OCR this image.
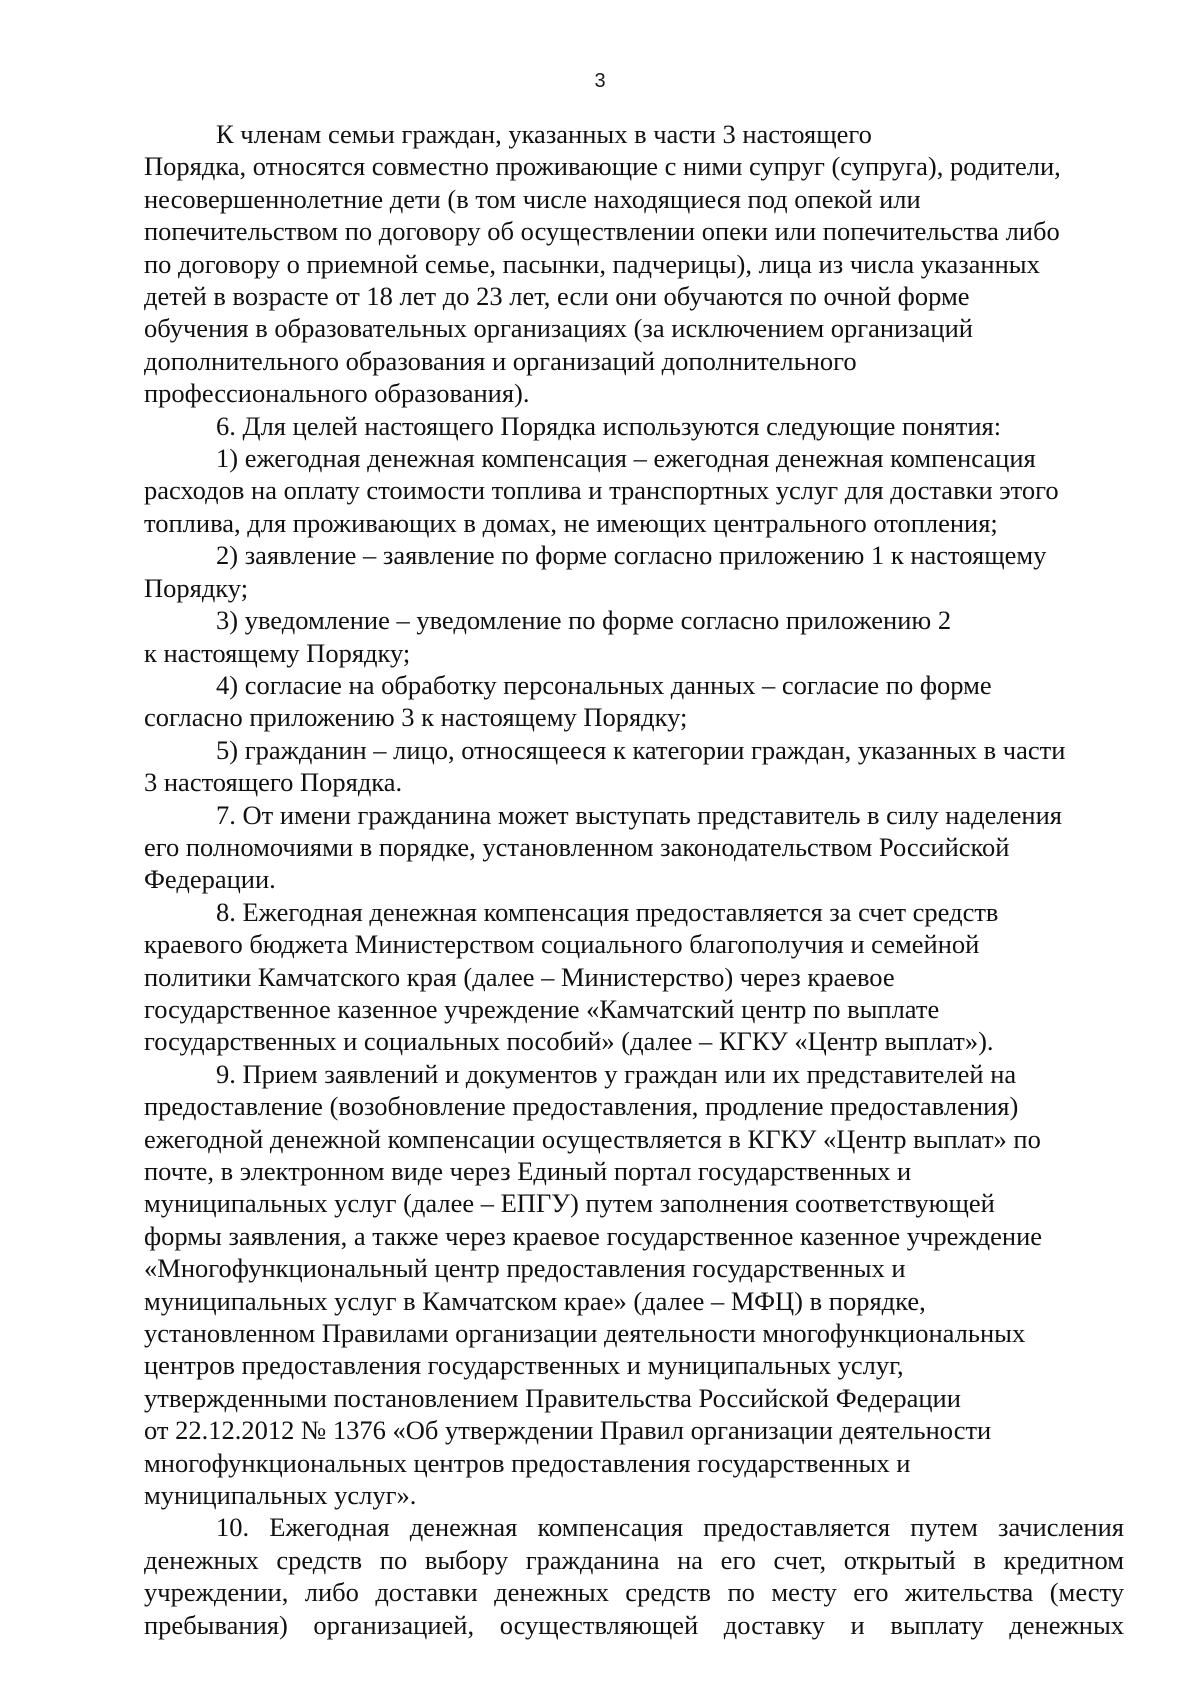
3

К членам семьи граждан, указанных в части 3 настоящего
Порядка, относятся совместно проживающие с ними супруг (супруга), родители,
несовершеннолетние дети (в том числе находящиеся под опекой или
попечительством по договору об осуществлении опеки или попечительства либо
по договору о приемной семье, пасынки, падчерицы), лица из числа указанных
детей в возрасте от 18 лет до 23 лет, если они обучаются по очной форме
обучения в образовательных организациях (за исключением организаций
дополнительного образования и организаций дополнительного
профессионального образования).

6. Для целей настоящего Порядка используются следующие понятия:

1) ежегодная денежная компенсация – ежегодная денежная компенсация
расходов на оплату стоимости топлива и транспортных услуг для доставки этого
топлива, для проживающих в домах, не имеющих центрального отопления;

2) заявление – заявление по форме согласно приложению 1 к настоящему
Порядку;

3) уведомление – уведомление по форме согласно приложению 2
к настоящему Порядку;

4) согласие на обработку персональных данных – согласие по форме
согласно приложению 3 к настоящему Порядку;

5) гражданин – лицо, относящееся к категории граждан, указанных в части
3 настоящего Порядка.

7. От имени гражданина может выступать представитель в силу наделения
его полномочиями в порядке, установленном законодательством Российской
Федерации.

8. Ежегодная денежная компенсация предоставляется за счет средств
краевого бюджета Министерством социального благополучия и семейной
политики Камчатского края (далее – Министерство) через краевое
государственное казенное учреждение «Камчатский центр по выплате
государственных и социальных пособий» (далее – КГКУ «Центр выплат»).

9. Прием заявлений и документов у граждан или их представителей на
предоставление (возобновление предоставления, продление предоставления)
ежегодной денежной компенсации осуществляется в КГКУ «Центр выплат» по
почте, в электронном виде через Единый портал государственных и
муниципальных услуг (далее – ЕПГУ) путем заполнения соответствующей
формы заявления, а также через краевое государственное казенное учреждение
«Многофункциональный центр предоставления государственных и
муниципальных услуг в Камчатском крае» (далее – МФЦ) в порядке,
установленном Правилами организации деятельности многофункциональных
центров предоставления государственных и муниципальных услуг,
утвержденными постановлением Правительства Российской Федерации
от 22.12.2012 № 1376 «Об утверждении Правил организации деятельности
многофункциональных центров предоставления государственных и
муниципальных услуг».

10. Ежегодная денежная компенсация предоставляется путем зачисления
денежных средств по выбору гражданина на его счет, открытый в кредитном
учреждении, либо доставки денежных средств по месту его жительства (месту
пребывания) организацией, осуществляющей доставку и выплату денежных
